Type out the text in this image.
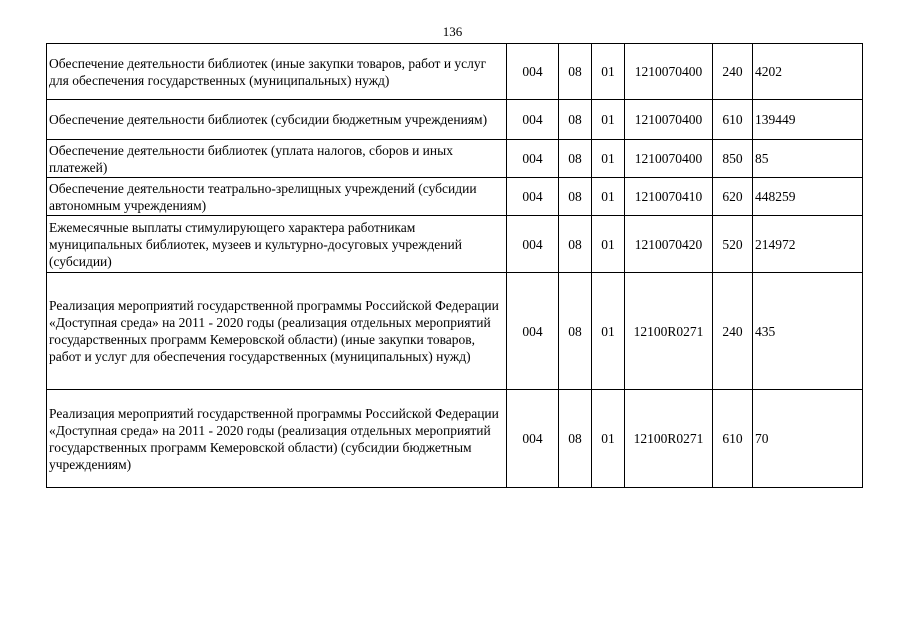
136
Обеспечение деятельности библиотек (иные закупки товаров, работ и услуг для обеспечения государственных (муниципальных) нужд)	004	08	01	1210070400	240	4202
Обеспечение деятельности библиотек (субсидии бюджетным учреждениям)	004	08	01	1210070400	610	139449
Обеспечение деятельности библиотек (уплата налогов, сборов и иных платежей)	004	08	01	1210070400	850	85
Обеспечение деятельности театрально-зрелищных учреждений (субсидии автономным учреждениям)	004	08	01	1210070410	620	448259
Ежемесячные выплаты стимулирующего характера работникам муниципальных библиотек, музеев и культурно-досуговых учреждений (субсидии)	004	08	01	1210070420	520	214972
Реализация мероприятий государственной программы Российской Федерации «Доступная среда» на 2011 - 2020 годы (реализация отдельных мероприятий государственных программ Кемеровской области) (иные закупки товаров, работ и услуг для обеспечения государственных (муниципальных) нужд)	004	08	01	12100R0271	240	435
Реализация мероприятий государственной программы Российской Федерации «Доступная среда» на 2011 - 2020 годы (реализация отдельных мероприятий государственных программ Кемеровской области) (субсидии бюджетным учреждениям)	004	08	01	12100R0271	610	70
